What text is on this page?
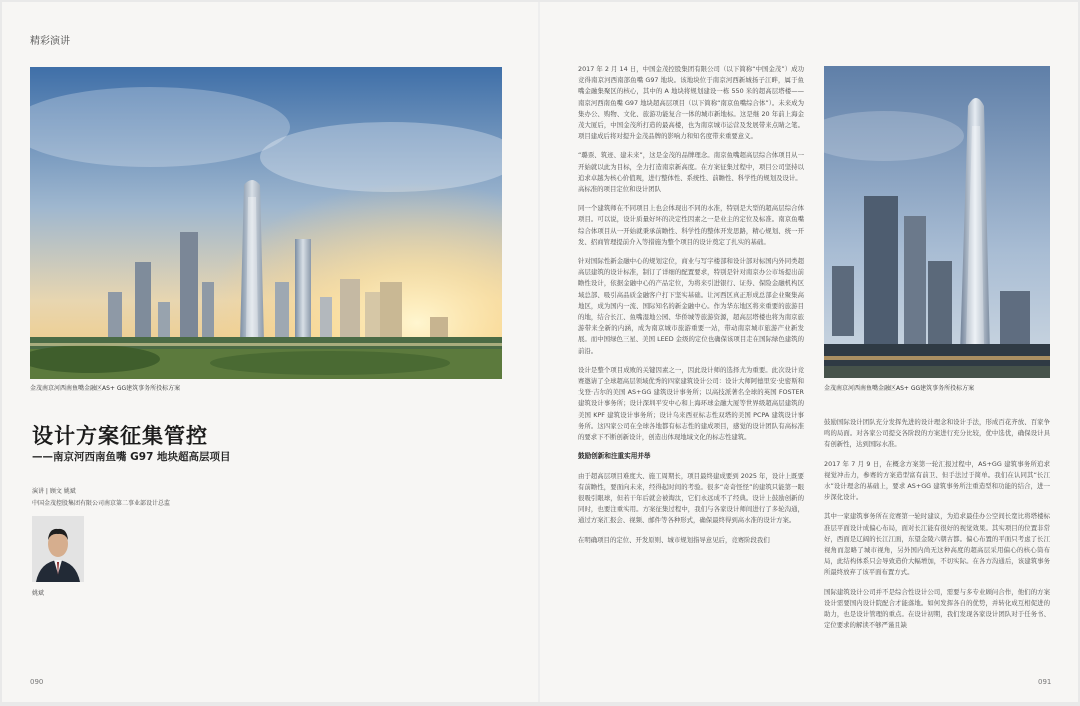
精彩演讲
金茂南京河西南鱼嘴金融区AS+ GG建筑事务所投标方案
设计方案征集管控
——南京河西南鱼嘴 G97 地块超高层项目
演讲 | 顾文 姚斌
中国金茂控股集团有限公司南京第二事业部设计总监
姚斌
090

2017 年 2 月 14 日，中国金茂控股集团有限公司（以下简称“中国金茂”）成功竞得南京河西南部鱼嘴 G97 地块。该地块位于南京河西新城扬子江畔，属于鱼嘴金融集聚区的核心，其中的 A 地块将规划建设一栋 550 米的超高层塔楼——南京河西南鱼嘴 G97 地块超高层项目（以下简称“南京鱼嘴综合体”）。未来成为集办公、购物、文化、旅游功能复合一体的城市新地标。这是继 20 年前上海金茂大厦后，中国金茂所打造的最高楼，也为南京城市运营及发展带来点睛之笔。项目建成后将对提升金茂品牌的影响力和知名度带来重要意义。

“璐票、筑迹、建未来”，这是金茂的品牌理念。南京鱼嘴超高层综合体项目从一开始就以此为目标，全力打造南京新高度。在方案征集过程中，项目公司坚持以追求卓越为核心价值观，进行整体性、系统性、前瞻性、科学性的规划及设计。

高标准的项目定位和设计团队

同一个建筑师在不同项目上也会体现出不同的水准，特别是大型的超高层综合体项目。可以说，设计质量好坏的决定性因素之一是业主的定位及标准。南京鱼嘴综合体项目从一开始就秉承前瞻性、科学性的整体开发思路，精心规划、统一开发、招商管理提前介入等措施为整个项目的设计奠定了扎实的基础。

针对国际性新金融中心的规划定位，商业与写字楼部和设计部对标国内外同类超高层建筑的设计标准，制订了详细的配置要求，特别是针对南京办公市场提出前瞻性设计，依据金融中心的产品定位，为将来引进银行、证券、保险金融机构区域总部、吸引高品质金融客户打下坚实基础。让河西区真正形成总部企业聚集高地区，成为国内一流、国际知名的新金融中心。作为华东地区将来重要的旅游目的地，结合长江、鱼嘴湿地公园、华侨城等旅游资源，超高层塔楼也将为南京旅游带来全新的内涵，成为南京城市旅游重要一站，带动南京城市旅游产业新发展。而中国绿色三星、美国 LEED 金级的定位也确保该项目走在国际绿色建筑的前沿。

设计是整个项目成败的关键因素之一，因此设计师的选择尤为重要。此次设计竞赛邀请了全球超高层领域优秀的四家建筑设计公司：设计大师阿德里安·史密斯和戈登·吉尔的美国 AS+GG 建筑设计事务所；以高技派著名全球的英国 FOSTER 建筑设计事务所；设计深圳平安中心和上海环球金融大厦等世界级超高层建筑的美国 KPF 建筑设计事务所；设计乌来西亚标志性双塔的美国 PCPA 建筑设计事务所。这四家公司在全球各地都有标志性的建成项目，感觉的设计团队有高标准的要求下不断创新设计，创造出体现地域文化的标志性建筑。

鼓励创新和注重实用并举

由于超高层项目难度大、施工周期长，项目最终建成要到 2025 年，设计上既要有前瞻性，要面向未来，经得起时间的考验。很多“奇奇怪怪”的建筑只能第一眼很吸引眼球，但若干年后就会被淘汰，它们永远成不了经典。设计上鼓励创新的同时，也要注重实用。方案征集过程中，我们与各家设计师间进行了多轮沟通，通过方案汇报会、视频、邮件等各种形式，确保最终得到高水准的设计方案。

在明确项目的定位、开发原则、城市规划指导意见后，竞赛阶段我们

金茂南京河西南鱼嘴金融区AS+ GG建筑事务所投标方案

鼓励国际设计团队充分发挥先进的设计理念和设计手法，形成百花齐放、百家争鸣的局面。对各家公司提交各阶段的方案进行充分比较，优中选优，确保设计具有创新性，达到国际水准。

2017 年 7 月 9 日，在概念方案第一轮汇报过程中，AS+GG 建筑事务所追求视觉冲击力，参赛的方案造型富有前卫、但手法过于简单。我们在认同其“长江水”设计理念的基础上，要求 AS+GG 建筑事务所注重造型和功能的结合，进一步深化设计。

其中一家建筑事务所在竞赛第一轮时建议，为追求最佳办公空间长宽比将塔楼标准层平面设计成偏心布局，面对长江能有很好的视觉效果。其实项目的位置非常好，西面是辽阔的长江江面，东望金陵六朝古都。偏心布置的平面只考虑了长江视角而忽略了城市视角，另外国内尚无这种高度的超高层采用偏心的核心筒布局，此结构体系只会导致造价大幅增加，不切实际。在各方沟通后，该建筑事务所最终放弃了该平面布置方式。

国际建筑设计公司并不是综合性设计公司，需要与多专业顾问合作，他们的方案设计需要国内设计院配合才能落地。如何发挥各自的优势，并转化成互相促进的助力，也是设计管理的重点。在设计初期，我们发现各家设计团队对于任务书、定位要求的解读不够严谨且缺

091
